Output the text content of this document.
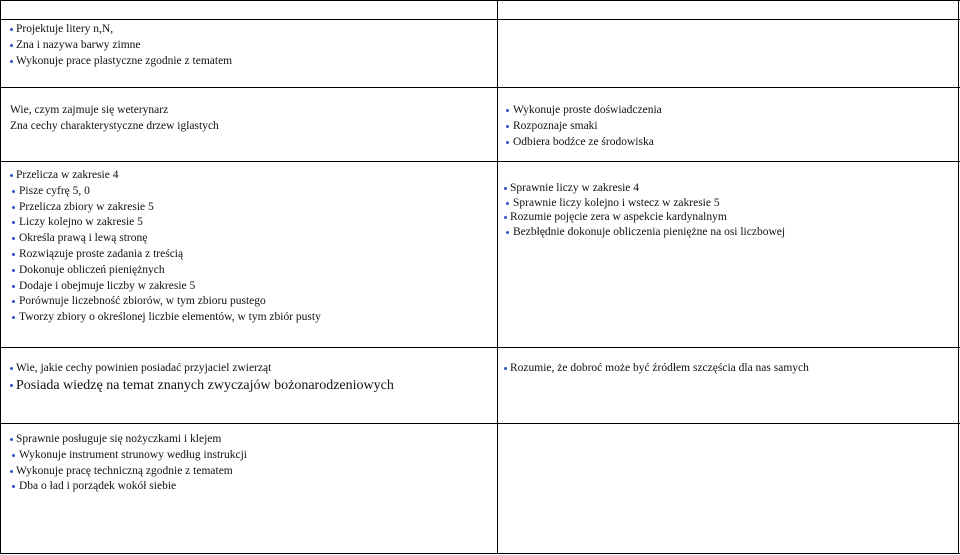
Projektuje litery n,N,
Zna i nazywa barwy zimne
Wykonuje prace plastyczne zgodnie z tematem
Wie, czym zajmuje się weterynarz
Zna cechy charakterystyczne drzew iglastych
Wykonuje proste doświadczenia
Rozpoznaje smaki
Odbiera bodźce ze środowiska
Przelicza w zakresie 4
Pisze cyfrę 5, 0
Przelicza zbiory w zakresie 5
Liczy kolejno w zakresie 5
Określa prawą i lewą stronę
Rozwiązuje proste zadania z treścią
Dokonuje obliczeń pieniężnych
Dodaje i obejmuje liczby w zakresie 5
Porównuje liczebność zbiorów, w tym zbioru pustego
Tworzy zbiory o określonej liczbie elementów, w tym zbiór pusty
Sprawnie liczy w zakresie 4
Sprawnie liczy kolejno i wstecz w zakresie 5
Rozumie pojęcie zera w aspekcie kardynalnym
Bezbłędnie dokonuje obliczenia pieniężne na osi liczbowej
Wie, jakie cechy powinien posiadać przyjaciel zwierząt
Posiada wiedzę na temat znanych zwyczajów bożonarodzeniowych
Rozumie, że dobroć może być źródłem szczęścia dla nas samych
Sprawnie posługuje się nożyczkami i klejem
Wykonuje instrument strunowy według instrukcji
Wykonuje pracę techniczną zgodnie z tematem
Dba o ład i porządek wokół siebie
